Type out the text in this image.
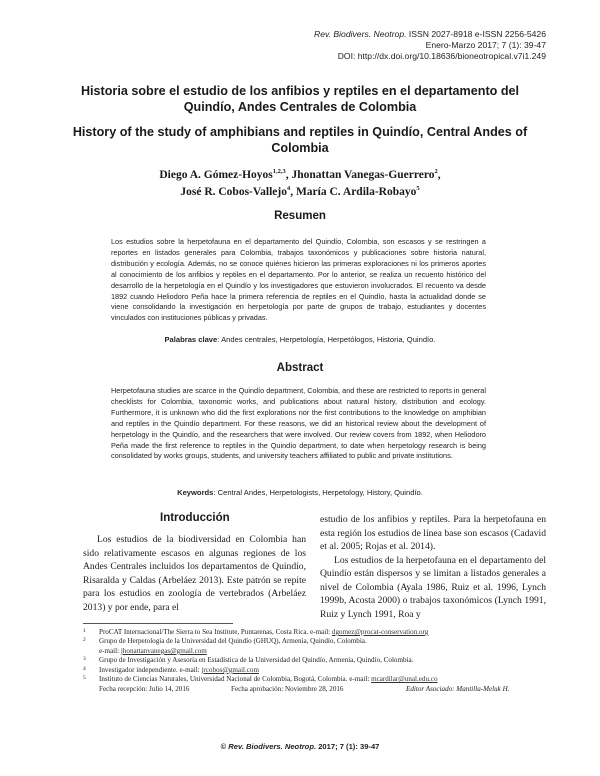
Rev. Biodivers. Neotrop. ISSN 2027-8918 e-ISSN 2256-5426
Enero-Marzo 2017; 7 (1): 39-47
DOI: http://dx.doi.org/10.18636/bioneotropical.v7i1.249
Historia sobre el estudio de los anfibios y reptiles en el departamento del Quindío, Andes Centrales de Colombia
History of the study of amphibians and reptiles in Quindío, Central Andes of Colombia
Diego A. Gómez-Hoyos$^{1,2,3}$, Jhonattan Vanegas-Guerrero$^2$,
José R. Cobos-Vallejo$^4$, María C. Ardila-Robayo$^5$
Resumen
Los estudios sobre la herpetofauna en el departamento del Quindío, Colombia, son escasos y se restringen a reportes en listados generales para Colombia, trabajos taxonómicos y publicaciones sobre historia natural, distribución y ecología. Además, no se conoce quiénes hicieron las primeras exploraciones ni los primeros aportes al conocimiento de los anfibios y reptiles en el departamento. Por lo anterior, se realiza un recuento histórico del desarrollo de la herpetología en el Quindío y los investigadores que estuvieron involucrados. El recuento va desde 1892 cuando Heliodoro Peña hace la primera referencia de reptiles en el Quindío, hasta la actualidad donde se viene consolidando la investigación en herpetología por parte de grupos de trabajo, estudiantes y docentes vinculados con instituciones públicas y privadas.
Palabras clave: Andes centrales, Herpetología, Herpetólogos, Historia, Quindío.
Abstract
Herpetofauna studies are scarce in the Quindío department, Colombia, and these are restricted to reports in general checklists for Colombia, taxonomic works, and publications about natural history, distribution and ecology. Furthermore, it is unknown who did the first explorations nor the first contributions to the knowledge on amphibian and reptiles in the Quindío department. For these reasons, we did an historical review about the development of herpetology in the Quindío, and the researchers that were involved. Our review covers from 1892, when Heliodoro Peña made the first reference to reptiles in the Quindío department, to date when herpetology research is being consolidated by works groups, students, and university teachers affiliated to public and private institutions.
Keywords: Central Andes, Herpetologists, Herpetology, History, Quindío.
Introducción

Los estudios de la biodiversidad en Colombia han sido relativamente escasos en algunas regiones de los Andes Centrales incluidos los departamentos de Quindío, Risaralda y Caldas (Arbeláez 2013). Este patrón se repite para los estudios en zoología de vertebrados (Arbeláez 2013) y por ende, para el

estudio de los anfibios y reptiles. Para la herpetofauna en esta región los estudios de línea base son escasos (Cadavid et al. 2005; Rojas et al. 2014).

Los estudios de la herpetofauna en el departamento del Quindío están dispersos y se limitan a listados generales a nivel de Colombia (Ayala 1986, Ruiz et al. 1996, Lynch 1999b, Acosta 2000) o trabajos taxonómicos (Lynch 1991, Ruiz y Lynch 1991, Roa y

1 ProCAT Internacional/The Sierra to Sea Institute, Puntarenas, Costa Rica. e-mail: dgomez@procat-conservation.org
2 Grupo de Herpetología de la Universidad del Quindío (GHUQ), Armenia, Quindío, Colombia.
e-mail: jhonattanvanegas@gmail.com
3 Grupo de Investigación y Asesoría en Estadística de la Universidad del Quindío, Armenia, Quindío, Colombia.
4 Investigador independiente. e-mail: jrcobos@gmail.com
5 Instituto de Ciencias Naturales, Universidad Nacional de Colombia, Bogotá, Colombia. e-mail: mcardilar@unal.edu.co
Fecha recepción: Julio 14, 2016	Fecha aprobación: Noviembre 28, 2016	Editor Asociado: Mantilla-Meluk H.
© Rev. Biodivers. Neotrop. 2017; 7 (1): 39-47
